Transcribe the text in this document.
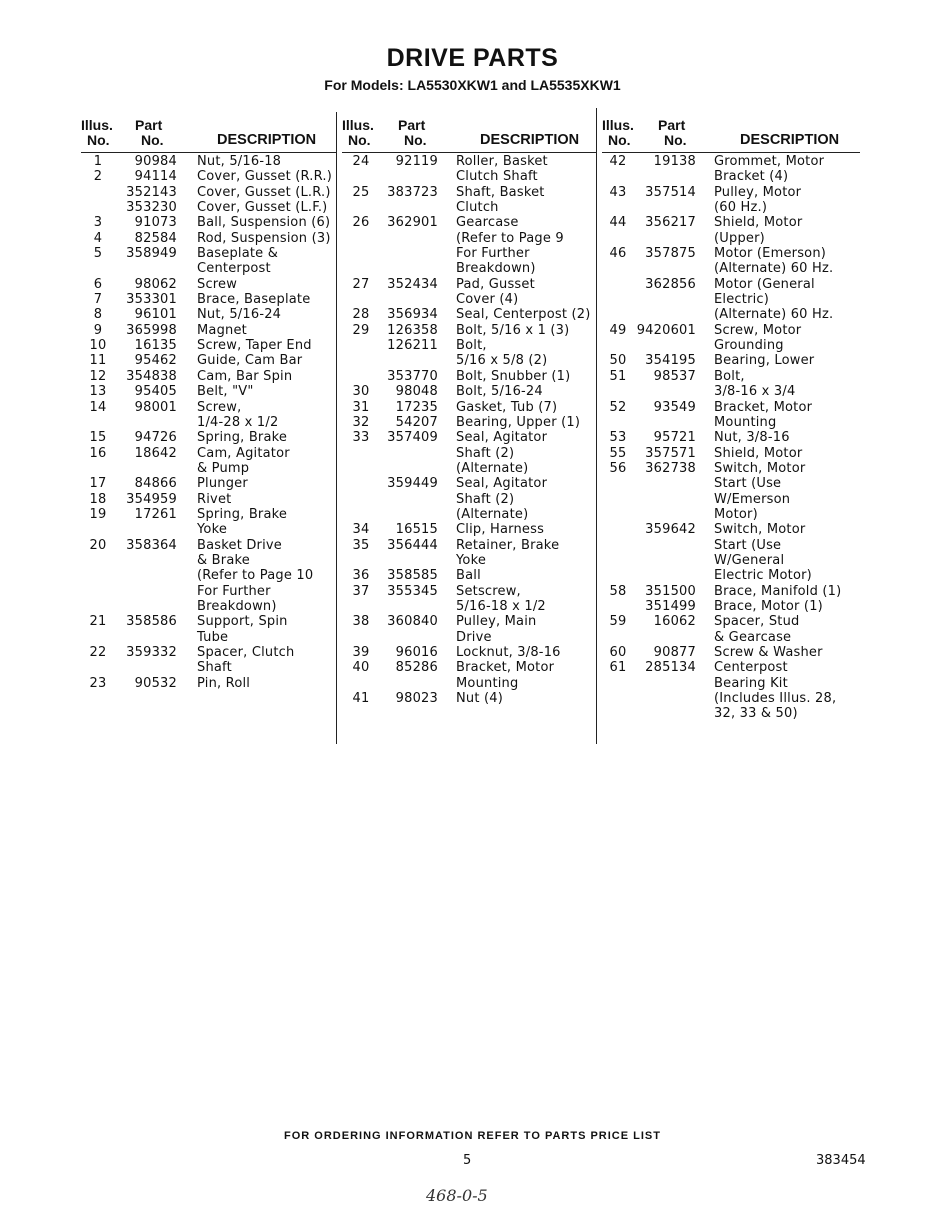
DRIVE PARTS
For Models: LA5530XKW1 and LA5535XKW1
Illus.
No.
Part
No.	DESCRIPTION
1	90984	Nut, 5/16-18
2	94114	Cover, Gusset (R.R.)
352143	Cover, Gusset (L.R.)
353230	Cover, Gusset (L.F.)
3	91073	Ball, Suspension (6)
4	82584	Rod, Suspension (3)
5	358949	Baseplate &
Centerpost
6	98062	Screw
7	353301	Brace, Baseplate
8	96101	Nut, 5/16-24
9	365998	Magnet
10	16135	Screw, Taper End
11	95462	Guide, Cam Bar
12	354838	Cam, Bar Spin
13	95405	Belt, "V"
14	98001	Screw,
1/4-28 x 1/2
15	94726	Spring, Brake
16	18642	Cam, Agitator
& Pump
17	84866	Plunger
18	354959	Rivet
19	17261	Spring, Brake
Yoke
20	358364	Basket Drive
& Brake
(Refer to Page 10
For Further
Breakdown)
21	358586	Support, Spin
Tube
22	359332	Spacer, Clutch
Shaft
23	90532	Pin, Roll
Illus.
No.
Part
No.	DESCRIPTION
24	92119	Roller, Basket
Clutch Shaft
25	383723	Shaft, Basket
Clutch
26	362901	Gearcase
(Refer to Page 9
For Further
Breakdown)
27	352434	Pad, Gusset
Cover (4)
28	356934	Seal, Centerpost (2)
29	126358	Bolt, 5/16 x 1 (3)
126211	Bolt,
5/16 x 5/8 (2)
353770	Bolt, Snubber (1)
30	98048	Bolt, 5/16-24
31	17235	Gasket, Tub (7)
32	54207	Bearing, Upper (1)
33	357409	Seal, Agitator
Shaft (2)
(Alternate)
359449	Seal, Agitator
Shaft (2)
(Alternate)
34	16515	Clip, Harness
35	356444	Retainer, Brake
Yoke
36	358585	Ball
37	355345	Setscrew,
5/16-18 x 1/2
38	360840	Pulley, Main
Drive
39	96016	Locknut, 3/8-16
40	85286	Bracket, Motor
Mounting
41	98023	Nut (4)
Illus.
No.
Part
No.	DESCRIPTION
42	19138	Grommet, Motor
Bracket (4)
43	357514	Pulley, Motor
(60 Hz.)
44	356217	Shield, Motor
(Upper)
46	357875	Motor (Emerson)
(Alternate) 60 Hz.
362856	Motor (General
Electric)
(Alternate) 60 Hz.
49 9420601	Screw, Motor
Grounding
50	354195	Bearing, Lower
51	98537	Bolt,
3/8-16 x 3/4
52	93549	Bracket, Motor
Mounting
53	95721	Nut, 3/8-16
55	357571	Shield, Motor
56	362738	Switch, Motor
Start (Use
W/Emerson
Motor)
359642	Switch, Motor
Start (Use
W/General
Electric Motor)
58	351500	Brace, Manifold (1)
351499	Brace, Motor (1)
59	16062	Spacer, Stud
& Gearcase
60	90877	Screw & Washer
61	285134	Centerpost
Bearing Kit
(Includes Illus. 28,
32, 33 & 50)
FOR ORDERING INFORMATION REFER TO PARTS PRICE LIST
5	383454
468-0-5
